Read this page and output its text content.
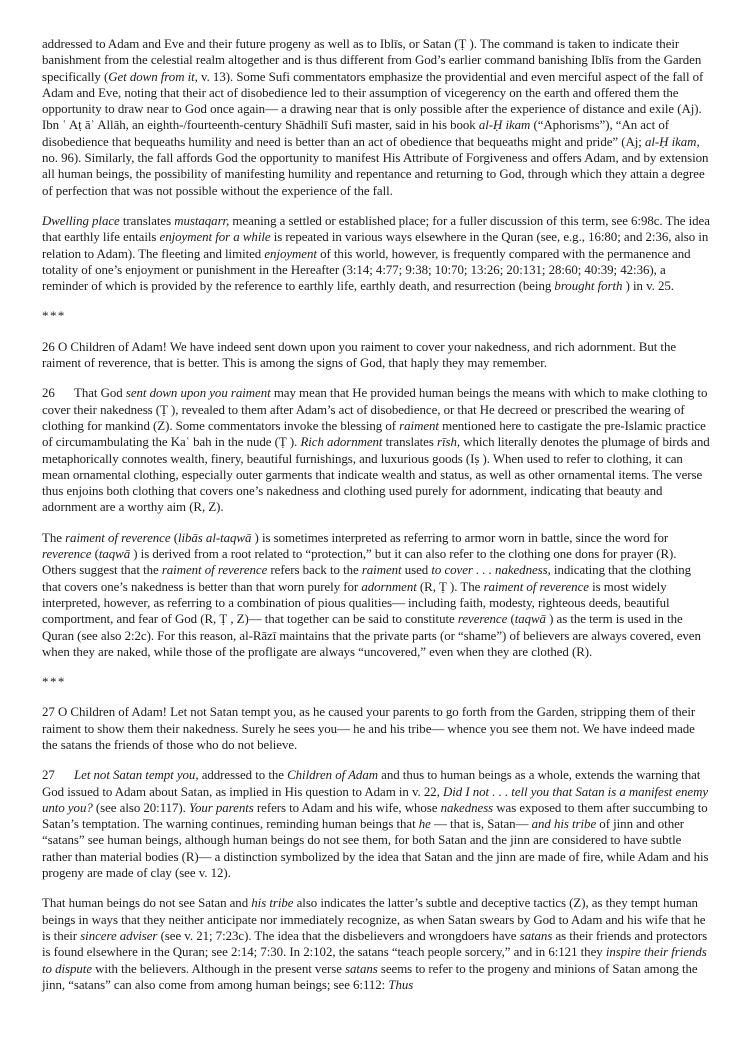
addressed to Adam and Eve and their future progeny as well as to Iblīs, or Satan (Ṭ ). The command is taken to indicate their banishment from the celestial realm altogether and is thus different from God’s earlier command banishing Iblīs from the Garden specifically (Get down from it, v. 13). Some Sufi commentators emphasize the providential and even merciful aspect of the fall of Adam and Eve, noting that their act of disobedience led to their assumption of vicegerency on the earth and offered them the opportunity to draw near to God once again— a drawing near that is only possible after the experience of distance and exile (Aj). Ibn ʿ Aṭ āʾ Allāh, an eighth-/fourteenth-century Shādhilī Sufi master, said in his book al-Ḥ ikam (“Aphorisms”), “An act of disobedience that bequeaths humility and need is better than an act of obedience that bequeaths might and pride” (Aj; al-Ḥ ikam, no. 96). Similarly, the fall affords God the opportunity to manifest His Attribute of Forgiveness and offers Adam, and by extension all human beings, the possibility of manifesting humility and repentance and returning to God, through which they attain a degree of perfection that was not possible without the experience of the fall.

Dwelling place translates mustaqarr, meaning a settled or established place; for a fuller discussion of this term, see 6:98c. The idea that earthly life entails enjoyment for a while is repeated in various ways elsewhere in the Quran (see, e.g., 16:80; and 2:36, also in relation to Adam). The fleeting and limited enjoyment of this world, however, is frequently compared with the permanence and totality of one’s enjoyment or punishment in the Hereafter (3:14; 4:77; 9:38; 10:70; 13:26; 20:131; 28:60; 40:39; 42:36), a reminder of which is provided by the reference to earthly life, earthly death, and resurrection (being brought forth ) in v. 25.

***

26 O Children of Adam! We have indeed sent down upon you raiment to cover your nakedness, and rich adornment. But the raiment of reverence, that is better. This is among the signs of God, that haply they may remember.

26  That God sent down upon you raiment may mean that He provided human beings the means with which to make clothing to cover their nakedness (Ṭ ), revealed to them after Adam’s act of disobedience, or that He decreed or prescribed the wearing of clothing for mankind (Z). Some commentators invoke the blessing of raiment mentioned here to castigate the pre-Islamic practice of circumambulating the Kaʿ bah in the nude (Ṭ ). Rich adornment translates rīsh, which literally denotes the plumage of birds and metaphorically connotes wealth, finery, beautiful furnishings, and luxurious goods (Iṣ ). When used to refer to clothing, it can mean ornamental clothing, especially outer garments that indicate wealth and status, as well as other ornamental items. The verse thus enjoins both clothing that covers one’s nakedness and clothing used purely for adornment, indicating that beauty and adornment are a worthy aim (R, Z).

The raiment of reverence (libās al-taqwā ) is sometimes interpreted as referring to armor worn in battle, since the word for reverence (taqwā ) is derived from a root related to “protection,” but it can also refer to the clothing one dons for prayer (R). Others suggest that the raiment of reverence refers back to the raiment used to cover . . . nakedness, indicating that the clothing that covers one’s nakedness is better than that worn purely for adornment (R, Ṭ ). The raiment of reverence is most widely interpreted, however, as referring to a combination of pious qualities— including faith, modesty, righteous deeds, beautiful comportment, and fear of God (R, Ṭ , Z)— that together can be said to constitute reverence (taqwā ) as the term is used in the Quran (see also 2:2c). For this reason, al-Rāzī maintains that the private parts (or “shame”) of believers are always covered, even when they are naked, while those of the profligate are always “uncovered,” even when they are clothed (R).

***

27 O Children of Adam! Let not Satan tempt you, as he caused your parents to go forth from the Garden, stripping them of their raiment to show them their nakedness. Surely he sees you— he and his tribe— whence you see them not. We have indeed made the satans the friends of those who do not believe.

27  Let not Satan tempt you, addressed to the Children of Adam and thus to human beings as a whole, extends the warning that God issued to Adam about Satan, as implied in His question to Adam in v. 22, Did I not . . . tell you that Satan is a manifest enemy unto you? (see also 20:117). Your parents refers to Adam and his wife, whose nakedness was exposed to them after succumbing to Satan’s temptation. The warning continues, reminding human beings that he — that is, Satan— and his tribe of jinn and other “satans” see human beings, although human beings do not see them, for both Satan and the jinn are considered to have subtle rather than material bodies (R)— a distinction symbolized by the idea that Satan and the jinn are made of fire, while Adam and his progeny are made of clay (see v. 12).

That human beings do not see Satan and his tribe also indicates the latter’s subtle and deceptive tactics (Z), as they tempt human beings in ways that they neither anticipate nor immediately recognize, as when Satan swears by God to Adam and his wife that he is their sincere adviser (see v. 21; 7:23c). The idea that the disbelievers and wrongdoers have satans as their friends and protectors is found elsewhere in the Quran; see 2:14; 7:30. In 2:102, the satans “teach people sorcery,” and in 6:121 they inspire their friends to dispute with the believers. Although in the present verse satans seems to refer to the progeny and minions of Satan among the jinn, “satans” can also come from among human beings; see 6:112: Thus
